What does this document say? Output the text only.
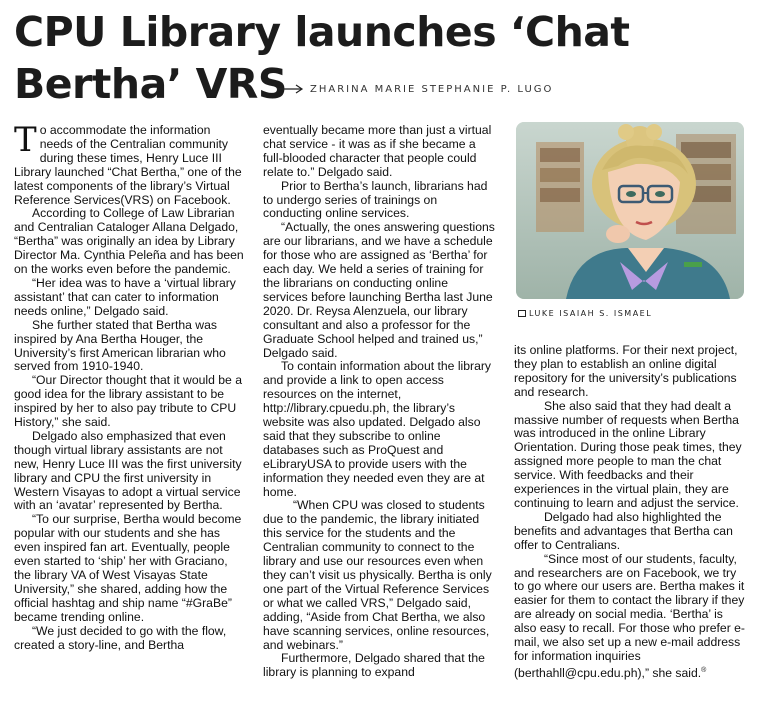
CPU Library launches ‘Chat Bertha’ VRS	ZHARINA MARIE STEPHANIE P. LUGO

To accommodate the information needs of the Centralian community during these times, Henry Luce III Library launched “Chat Bertha,” one of the latest components of the library’s Virtual Reference Services(VRS) on Facebook.

According to College of Law Librarian and Centralian Cataloger Allana Delgado, “Bertha” was originally an idea by Library Director Ma. Cynthia Peleña and has been on the works even before the pandemic.

“Her idea was to have a ‘virtual library assistant’ that can cater to information needs online,” Delgado said.

She further stated that Bertha was inspired by Ana Bertha Houger, the University’s first American librarian who served from 1910-1940.

“Our Director thought that it would be a good idea for the library assistant to be inspired by her to also pay tribute to CPU History,” she said.

Delgado also emphasized that even though virtual library assistants are not new, Henry Luce III was the first university library and CPU the first university in Western Visayas to adopt a virtual service with an ‘avatar’ represented by Bertha.

“To our surprise, Bertha would become popular with our students and she has even inspired fan art. Eventually, people even started to ‘ship’ her with Graciano, the library VA of West Visayas State University,” she shared, adding how the official hashtag and ship name “#GraBe” became trending online.

“We just decided to go with the flow, created a story-line, and Bertha

eventually became more than just a virtual chat service - it was as if she became a full-blooded character that people could relate to.” Delgado said.

Prior to Bertha’s launch, librarians had to undergo series of trainings on conducting online services.

“Actually, the ones answering questions are our librarians, and we have a schedule for those who are assigned as ‘Bertha’ for each day. We held a series of training for the librarians on conducting online services before launching Bertha last June 2020. Dr. Reysa Alenzuela, our library consultant and also a professor for the Graduate School helped and trained us,” Delgado said.

To contain information about the library and provide a link to open access resources on the internet, http://library.cpuedu.ph, the library’s website was also updated. Delgado also said that they subscribe to online databases such as ProQuest and eLibraryUSA to provide users with the information they needed even they are at home.

“When CPU was closed to students due to the pandemic, the library initiated this service for the students and the Centralian community to connect to the library and use our resources even when they can’t visit us physically. Bertha is only one part of the Virtual Reference Services or what we called VRS,” Delgado said, adding, “Aside from Chat Bertha, we also have scanning services, online resources, and webinars.”

Furthermore, Delgado shared that the library is planning to expand

LUKE ISAIAH S. ISMAEL

its online platforms. For their next project, they plan to establish an online digital repository for the university’s publications and research.

She also said that they had dealt a massive number of requests when Bertha was introduced in the online Library Orientation. During those peak times, they assigned more people to man the chat service. With feedbacks and their experiences in the virtual plain, they are continuing to learn and adjust the service.

Delgado had also highlighted the benefits and advantages that Bertha can offer to Centralians.

“Since most of our students, faculty, and researchers are on Facebook, we try to go where our users are. Bertha makes it easier for them to contact the library if they are already on social media. ‘Bertha’ is also easy to recall. For those who prefer e-mail, we also set up a new e-mail address for information inquiries (berthahll@cpu.edu.ph),” she said.®
